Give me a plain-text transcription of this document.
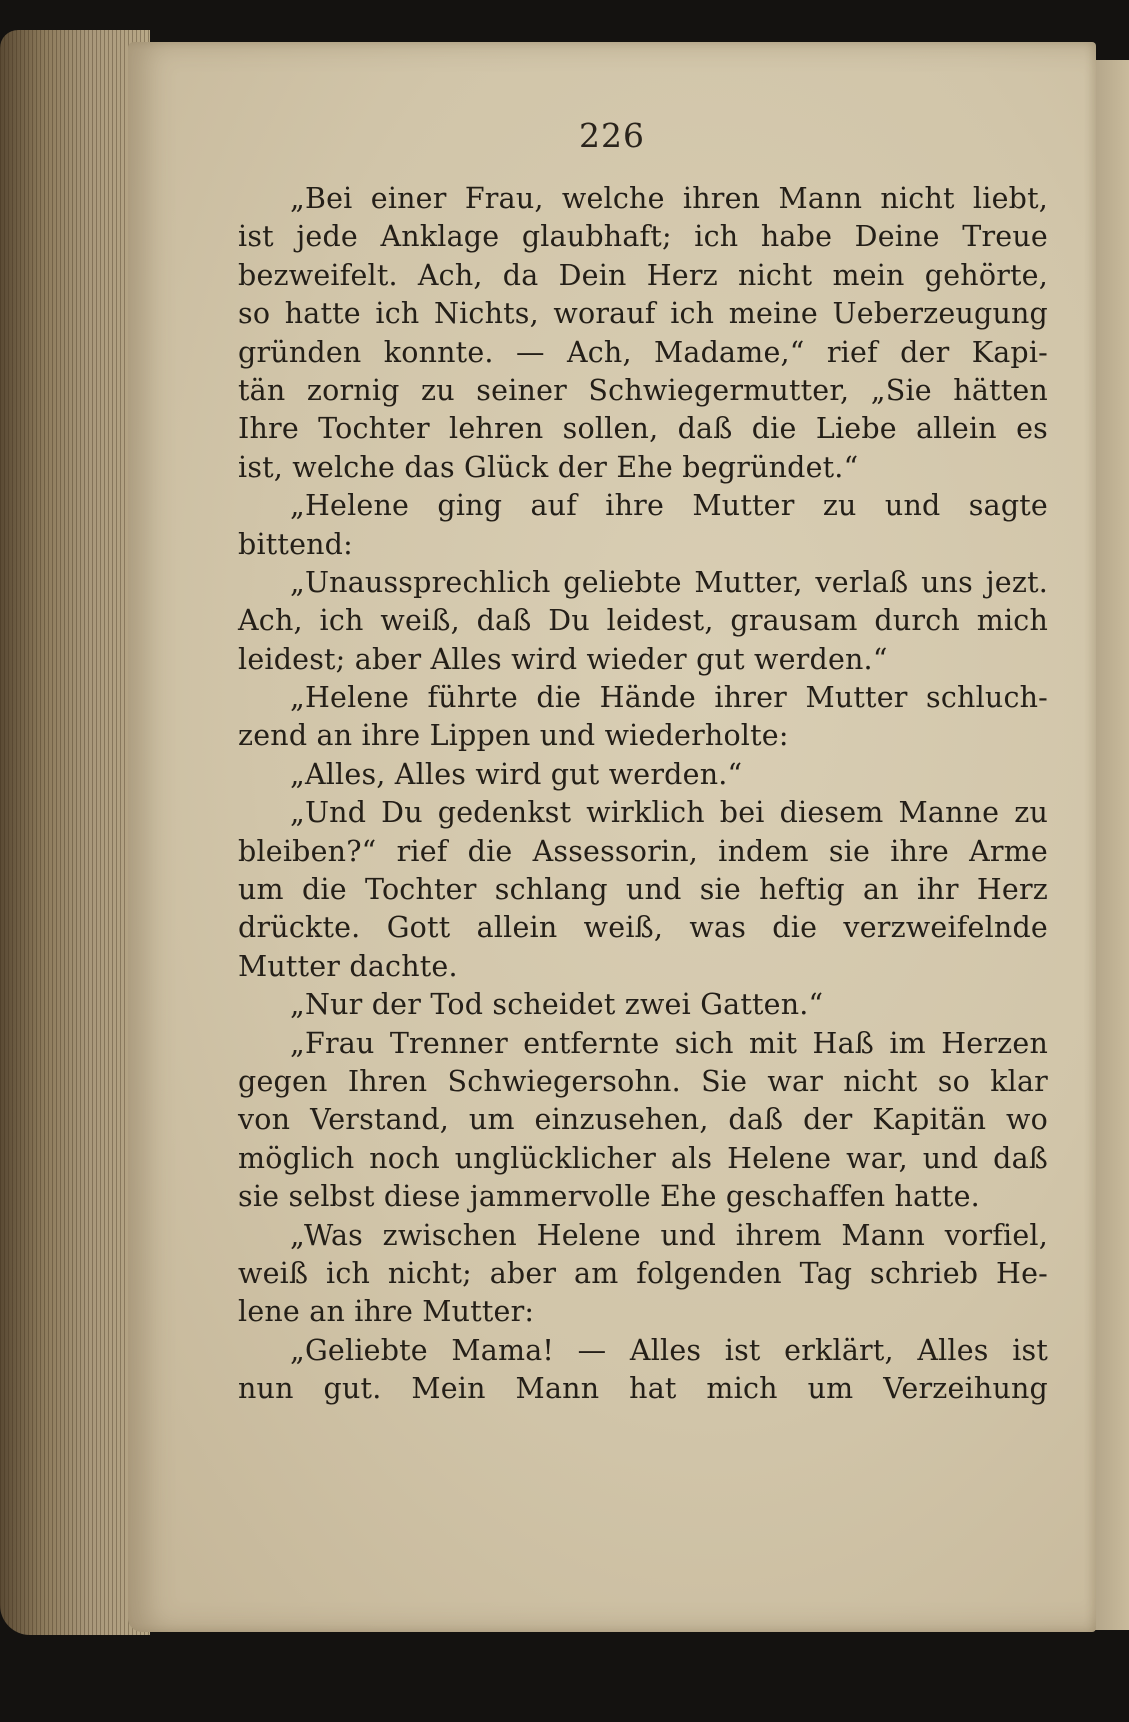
226
„Bei einer Frau, welche ihren Mann nicht liebt,
ist jede Anklage glaubhaft; ich habe Deine Treue
bezweifelt. Ach, da Dein Herz nicht mein gehörte,
so hatte ich Nichts, worauf ich meine Ueberzeugung
gründen konnte. — Ach, Madame,“ rief der Kapi-
tän zornig zu seiner Schwiegermutter, „Sie hätten
Ihre Tochter lehren sollen, daß die Liebe allein es
ist, welche das Glück der Ehe begründet.“
„Helene ging auf ihre Mutter zu und sagte
bittend:
„Unaussprechlich geliebte Mutter, verlaß uns jezt.
Ach, ich weiß, daß Du leidest, grausam durch mich
leidest; aber Alles wird wieder gut werden.“
„Helene führte die Hände ihrer Mutter schluch-
zend an ihre Lippen und wiederholte:
„Alles, Alles wird gut werden.“
„Und Du gedenkst wirklich bei diesem Manne zu
bleiben?“ rief die Assessorin, indem sie ihre Arme
um die Tochter schlang und sie heftig an ihr Herz
drückte. Gott allein weiß, was die verzweifelnde
Mutter dachte.
„Nur der Tod scheidet zwei Gatten.“
„Frau Trenner entfernte sich mit Haß im Herzen
gegen Ihren Schwiegersohn. Sie war nicht so klar
von Verstand, um einzusehen, daß der Kapitän wo
möglich noch unglücklicher als Helene war, und daß
sie selbst diese jammervolle Ehe geschaffen hatte.
„Was zwischen Helene und ihrem Mann vorfiel,
weiß ich nicht; aber am folgenden Tag schrieb He-
lene an ihre Mutter:
„Geliebte Mama! — Alles ist erklärt, Alles ist
nun gut. Mein Mann hat mich um Verzeihung
